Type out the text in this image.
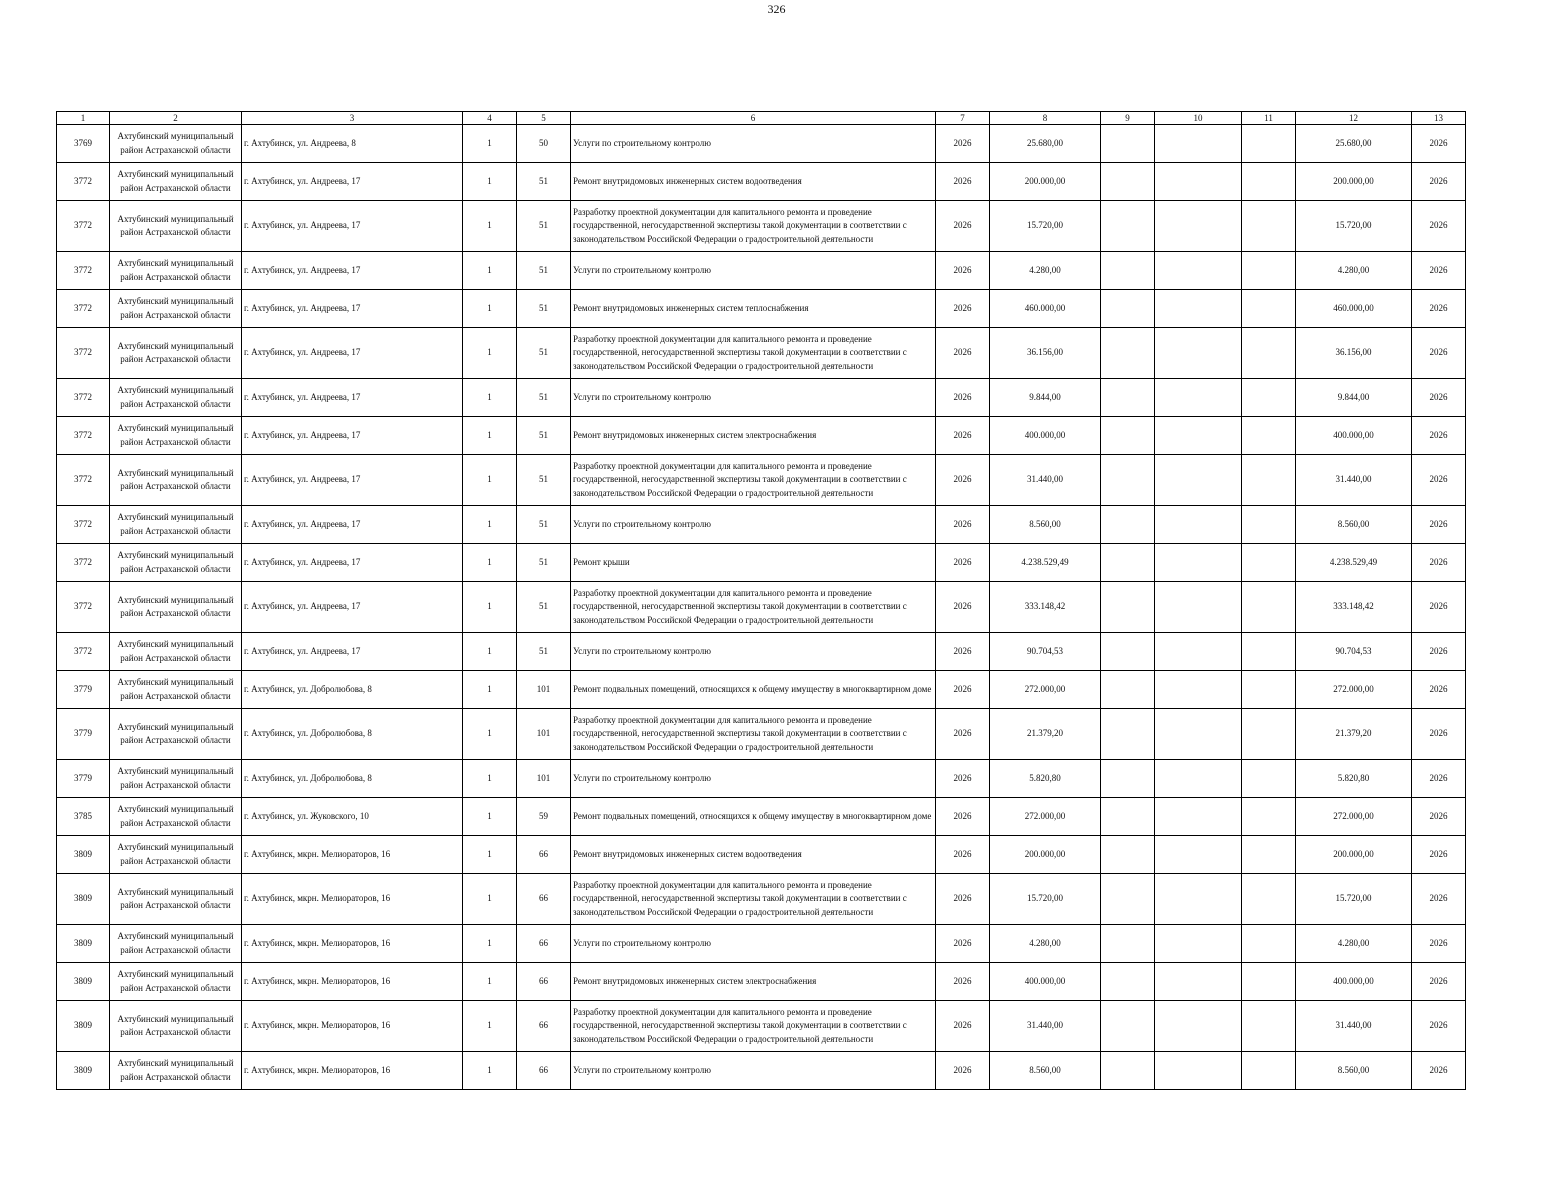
326
1	2	3	4	5	6	7	8	9	10	11	12	13
3769	Ахтубинский муниципальный район Астраханской области	г. Ахтубинск, ул. Андреева, 8	1	50	Услуги по строительному контролю	2026	25.680,00				25.680,00	2026
3772	Ахтубинский муниципальный район Астраханской области	г. Ахтубинск, ул. Андреева, 17	1	51	Ремонт внутридомовых инженерных систем водоотведения	2026	200.000,00				200.000,00	2026
3772	Ахтубинский муниципальный район Астраханской области	г. Ахтубинск, ул. Андреева, 17	1	51	Разработку проектной документации для капитального ремонта и проведение государственной, негосударственной экспертизы такой документации в соответствии с законодательством Российской Федерации о градостроительной деятельности	2026	15.720,00				15.720,00	2026
3772	Ахтубинский муниципальный район Астраханской области	г. Ахтубинск, ул. Андреева, 17	1	51	Услуги по строительному контролю	2026	4.280,00				4.280,00	2026
3772	Ахтубинский муниципальный район Астраханской области	г. Ахтубинск, ул. Андреева, 17	1	51	Ремонт внутридомовых инженерных систем теплоснабжения	2026	460.000,00				460.000,00	2026
3772	Ахтубинский муниципальный район Астраханской области	г. Ахтубинск, ул. Андреева, 17	1	51	Разработку проектной документации для капитального ремонта и проведение государственной, негосударственной экспертизы такой документации в соответствии с законодательством Российской Федерации о градостроительной деятельности	2026	36.156,00				36.156,00	2026
3772	Ахтубинский муниципальный район Астраханской области	г. Ахтубинск, ул. Андреева, 17	1	51	Услуги по строительному контролю	2026	9.844,00				9.844,00	2026
3772	Ахтубинский муниципальный район Астраханской области	г. Ахтубинск, ул. Андреева, 17	1	51	Ремонт внутридомовых инженерных систем электроснабжения	2026	400.000,00				400.000,00	2026
3772	Ахтубинский муниципальный район Астраханской области	г. Ахтубинск, ул. Андреева, 17	1	51	Разработку проектной документации для капитального ремонта и проведение государственной, негосударственной экспертизы такой документации в соответствии с законодательством Российской Федерации о градостроительной деятельности	2026	31.440,00				31.440,00	2026
3772	Ахтубинский муниципальный район Астраханской области	г. Ахтубинск, ул. Андреева, 17	1	51	Услуги по строительному контролю	2026	8.560,00				8.560,00	2026
3772	Ахтубинский муниципальный район Астраханской области	г. Ахтубинск, ул. Андреева, 17	1	51	Ремонт крыши	2026	4.238.529,49				4.238.529,49	2026
3772	Ахтубинский муниципальный район Астраханской области	г. Ахтубинск, ул. Андреева, 17	1	51	Разработку проектной документации для капитального ремонта и проведение государственной, негосударственной экспертизы такой документации в соответствии с законодательством Российской Федерации о градостроительной деятельности	2026	333.148,42				333.148,42	2026
3772	Ахтубинский муниципальный район Астраханской области	г. Ахтубинск, ул. Андреева, 17	1	51	Услуги по строительному контролю	2026	90.704,53				90.704,53	2026
3779	Ахтубинский муниципальный район Астраханской области	г. Ахтубинск, ул. Добролюбова, 8	1	101	Ремонт подвальных помещений, относящихся к общему имуществу в многоквартирном доме	2026	272.000,00				272.000,00	2026
3779	Ахтубинский муниципальный район Астраханской области	г. Ахтубинск, ул. Добролюбова, 8	1	101	Разработку проектной документации для капитального ремонта и проведение государственной, негосударственной экспертизы такой документации в соответствии с законодательством Российской Федерации о градостроительной деятельности	2026	21.379,20				21.379,20	2026
3779	Ахтубинский муниципальный район Астраханской области	г. Ахтубинск, ул. Добролюбова, 8	1	101	Услуги по строительному контролю	2026	5.820,80				5.820,80	2026
3785	Ахтубинский муниципальный район Астраханской области	г. Ахтубинск, ул. Жуковского, 10	1	59	Ремонт подвальных помещений, относящихся к общему имуществу в многоквартирном доме	2026	272.000,00				272.000,00	2026
3809	Ахтубинский муниципальный район Астраханской области	г. Ахтубинск, мкрн. Мелиораторов, 16	1	66	Ремонт внутридомовых инженерных систем водоотведения	2026	200.000,00				200.000,00	2026
3809	Ахтубинский муниципальный район Астраханской области	г. Ахтубинск, мкрн. Мелиораторов, 16	1	66	Разработку проектной документации для капитального ремонта и проведение государственной, негосударственной экспертизы такой документации в соответствии с законодательством Российской Федерации о градостроительной деятельности	2026	15.720,00				15.720,00	2026
3809	Ахтубинский муниципальный район Астраханской области	г. Ахтубинск, мкрн. Мелиораторов, 16	1	66	Услуги по строительному контролю	2026	4.280,00				4.280,00	2026
3809	Ахтубинский муниципальный район Астраханской области	г. Ахтубинск, мкрн. Мелиораторов, 16	1	66	Ремонт внутридомовых инженерных систем электроснабжения	2026	400.000,00				400.000,00	2026
3809	Ахтубинский муниципальный район Астраханской области	г. Ахтубинск, мкрн. Мелиораторов, 16	1	66	Разработку проектной документации для капитального ремонта и проведение государственной, негосударственной экспертизы такой документации в соответствии с законодательством Российской Федерации о градостроительной деятельности	2026	31.440,00				31.440,00	2026
3809	Ахтубинский муниципальный район Астраханской области	г. Ахтубинск, мкрн. Мелиораторов, 16	1	66	Услуги по строительному контролю	2026	8.560,00				8.560,00	2026
